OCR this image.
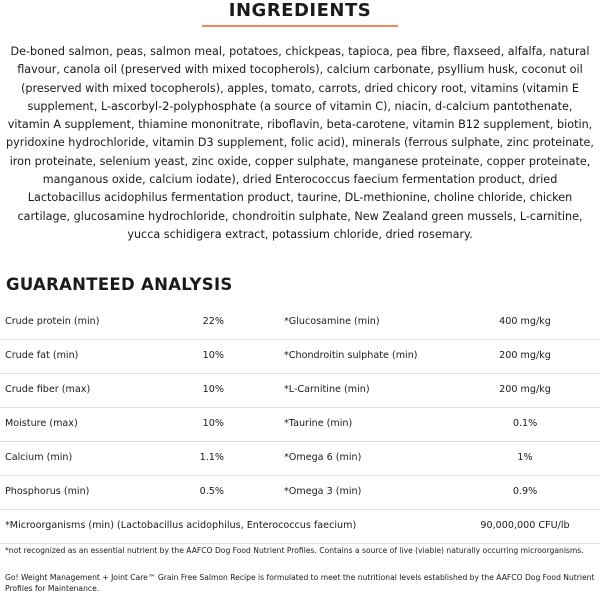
INGREDIENTS

De-boned salmon, peas, salmon meal, potatoes, chickpeas, tapioca, pea fibre, flaxseed, alfalfa, natural flavour, canola oil (preserved with mixed tocopherols), calcium carbonate, psyllium husk, coconut oil (preserved with mixed tocopherols), apples, tomato, carrots, dried chicory root, vitamins (vitamin E supplement, L-ascorbyl-2-polyphosphate (a source of vitamin C), niacin, d-calcium pantothenate, vitamin A supplement, thiamine mononitrate, riboflavin, beta-carotene, vitamin B12 supplement, biotin, pyridoxine hydrochloride, vitamin D3 supplement, folic acid), minerals (ferrous sulphate, zinc proteinate, iron proteinate, selenium yeast, zinc oxide, copper sulphate, manganese proteinate, copper proteinate, manganous oxide, calcium iodate), dried Enterococcus faecium fermentation product, dried Lactobacillus acidophilus fermentation product, taurine, DL-methionine, choline chloride, chicken cartilage, glucosamine hydrochloride, chondroitin sulphate, New Zealand green mussels, L-carnitine, yucca schidigera extract, potassium chloride, dried rosemary.

GUARANTEED ANALYSIS
Crude protein (min)	22%	*Glucosamine (min)	400 mg/kg
Crude fat (min)	10%	*Chondroitin sulphate (min)	200 mg/kg
Crude fiber (max)	10%	*L-Carnitine (min)	200 mg/kg
Moisture (max)	10%	*Taurine (min)	0.1%
Calcium (min)	1.1%	*Omega 6 (min)	1%
Phosphorus (min)	0.5%	*Omega 3 (min)	0.9%
*Microorganisms (min) (Lactobacillus acidophilus, Enterococcus faecium)	90,000,000 CFU/lb

*not recognized as an essential nutrient by the AAFCO Dog Food Nutrient Profiles. Contains a source of live (viable) naturally occurring microorganisms.

Go! Weight Management + Joint Care™ Grain Free Salmon Recipe is formulated to meet the nutritional levels established by the AAFCO Dog Food Nutrient Profiles for Maintenance.
